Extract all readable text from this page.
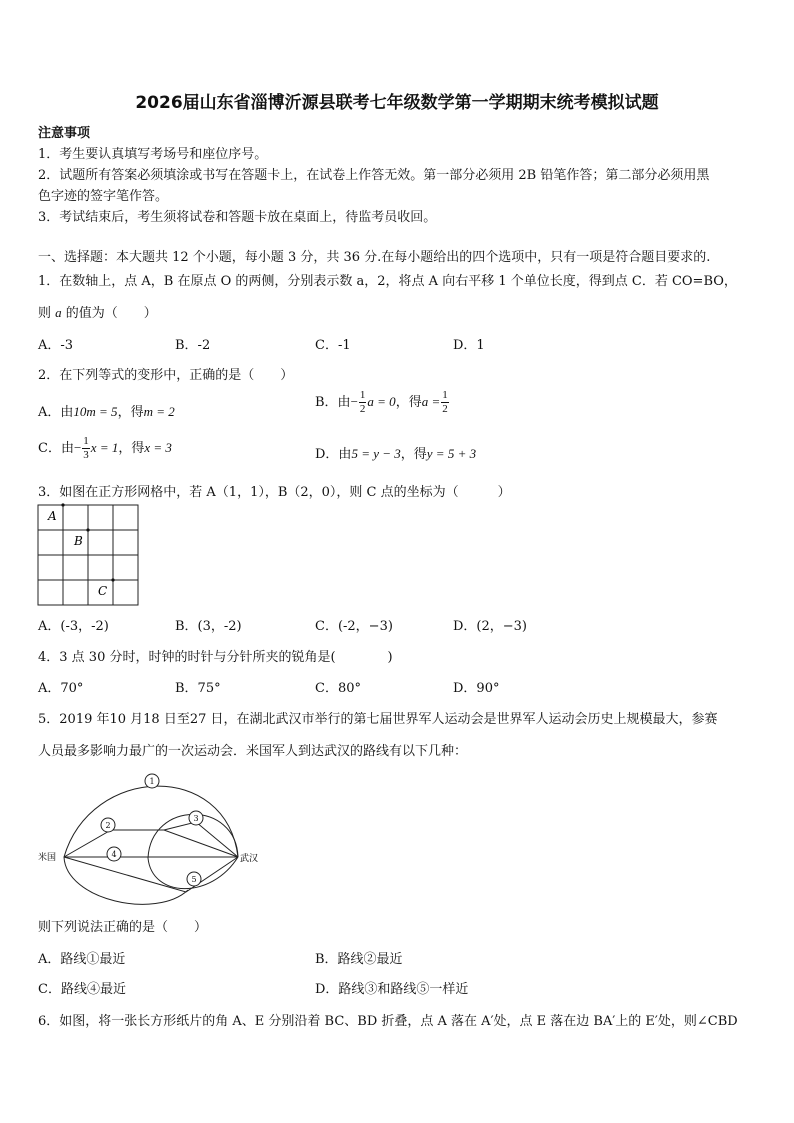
2026届山东省淄博沂源县联考七年级数学第一学期期末统考模拟试题
注意事项
1．考生要认真填写考场号和座位序号。
2．试题所有答案必须填涂或书写在答题卡上，在试卷上作答无效。第一部分必须用 2B 铅笔作答；第二部分必须用黑
色字迹的签字笔作答。
3．考试结束后，考生须将试卷和答题卡放在桌面上，待监考员收回。
一、选择题：本大题共 12 个小题，每小题 3 分，共 36 分.在每小题给出的四个选项中，只有一项是符合题目要求的.
1．在数轴上，点 A，B 在原点 O 的两侧，分别表示数 a，2，将点 A 向右平移 1 个单位长度，得到点 C．若 CO=BO，
则 a 的值为（　　）
A．-3	B．-2	C．-1	D．1
2．在下列等式的变形中，正确的是（　　）
A．由10m = 5，得m = 2
B．由− $\frac{1}{2}$ a = 0，得$a = \frac{1}{2}$
C．由− $\frac{1}{3}$ x = 1，得x = 3	D．由5 = y − 3，得y = 5 + 3
3．如图在正方形网格中，若 A（1，1），B（2，0），则 C 点的坐标为（　　　）
A
B
C
A．(-3，-2)	B．(3，-2)	C．(-2，−3)	D．(2，−3)
4．3 点 30 分时，时钟的时针与分针所夹的锐角是(　　　　)
A．70°	B．75°	C．80°	D．90°
5．2019 年10 月18 日至27 日，在湖北武汉市举行的第七届世界军人运动会是世界军人运动会历史上规模最大，参赛
人员最多影响力最广的一次运动会．米国军人到达武汉的路线有以下几种：
1
2
3
4
5
米国	武汉
则下列说法正确的是（　　）
A．路线①最近	B．路线②最近
C．路线④最近	D．路线③和路线⑤一样近
6．如图，将一张长方形纸片的角 A、E 分别沿着 BC、BD 折叠，点 A 落在 A′处，点 E 落在边 BA′上的 E′处，则∠CBD
